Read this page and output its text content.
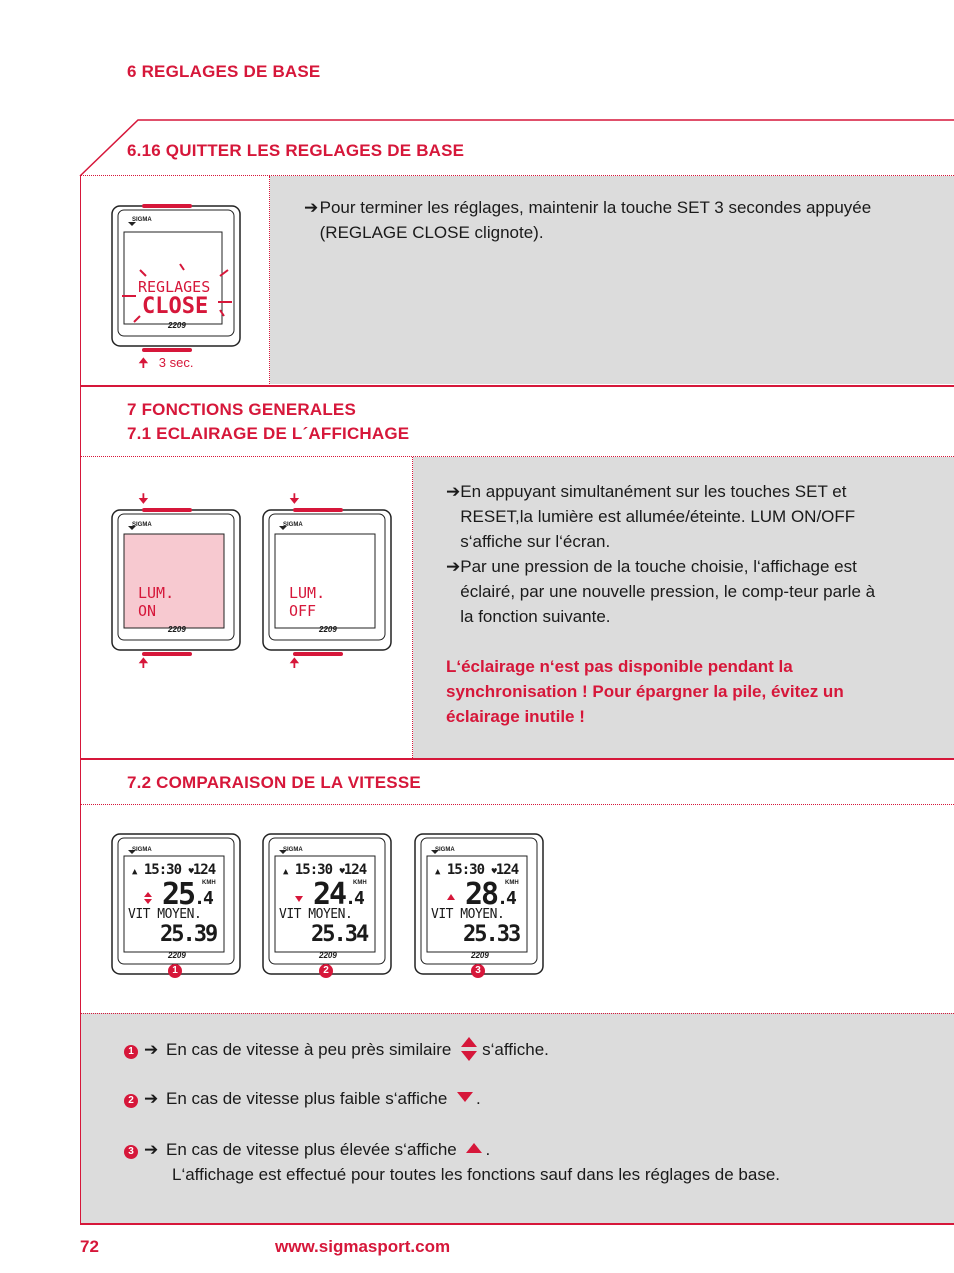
6 REGLAGES DE BASE
6.16 QUITTER LES REGLAGES DE BASE
➔ Pour terminer les réglages, maintenir la touche SET 3 secondes appuyée (REGLAGE CLOSE clignote).
REGLAGES
CLOSE
SIGMA
2209
🠉 3 sec.
7 FONCTIONS GENERALES
7.1 ECLAIRAGE DE L´AFFICHAGE
➔ En appuyant simultanément sur les touches SET et RESET,la lumière est allumée/éteinte. LUM ON/OFF s‘affiche sur l‘écran.
➔ Par une pression de la touche choisie, l‘affichage est éclairé, par une nouvelle pression, le comp-teur parle à la fonction suivante.
L‘éclairage n‘est pas disponible pendant la synchronisation ! Pour épargner la pile, évitez un éclairage inutile !
🠋
SIGMA
LUM. ON
2209
🠉
🠋
SIGMA
LUM. OFF
2209
🠉
7.2 COMPARAISON DE LA VITESSE
SIGMA
▲ 15:30 ♥124
25.4
KMH
VIT MOYEN.
25.39
2209
1
SIGMA
▲ 15:30 ♥124
24.4
KMH
VIT MOYEN.
25.34
2209
2
SIGMA
▲ 15:30 ♥124
28.4
KMH
VIT MOYEN.
25.33
2209
3
1 ➔ En cas de vitesse à peu près similaire s‘affiche.
2 ➔ En cas de vitesse plus faible s‘affiche .
3 ➔ En cas de vitesse plus élevée s‘affiche .
L‘affichage est effectué pour toutes les fonctions sauf dans les réglages de base.
72	www.sigmasport.com
